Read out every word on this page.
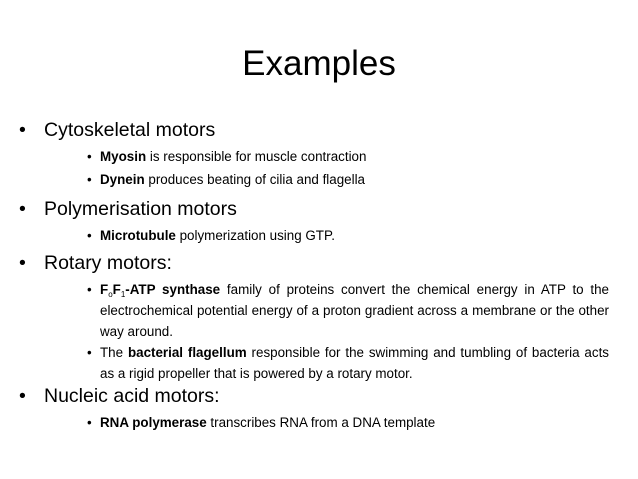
Examples
• Cytoskeletal motors
• Myosin is responsible for muscle contraction
• Dynein produces beating of cilia and flagella
• Polymerisation motors
• Microtubule polymerization using GTP.
• Rotary motors:
• $F_oF_1$-ATP synthase family of proteins convert the chemical energy in ATP to the electrochemical potential energy of a proton gradient across a membrane or the other way around.
• The bacterial flagellum responsible for the swimming and tumbling of bacteria acts as a rigid propeller that is powered by a rotary motor.
• Nucleic acid motors:
• RNA polymerase transcribes RNA from a DNA template
